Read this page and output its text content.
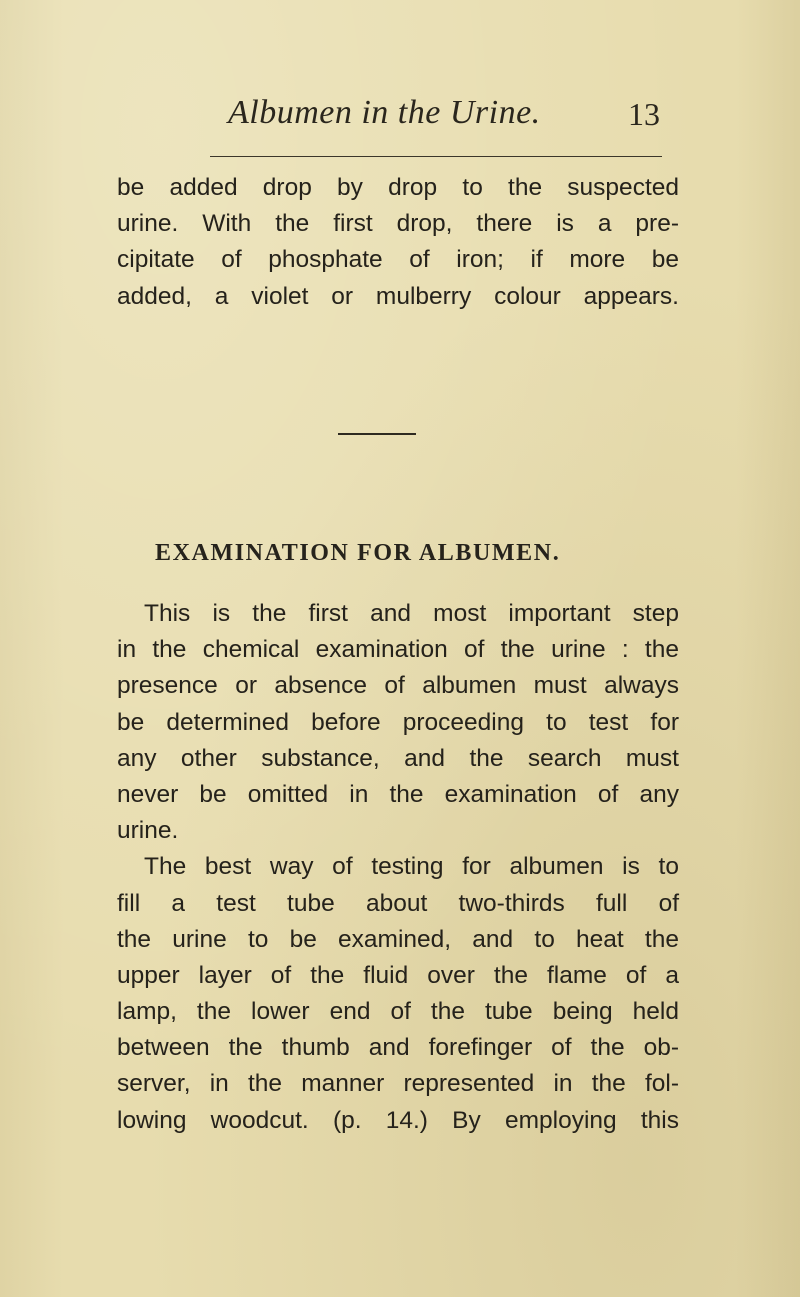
Albumen in the Urine.	13
be added drop by drop to the suspected
urine. With the first drop, there is a pre-
cipitate of phosphate of iron; if more be
added, a violet or mulberry colour appears.
EXAMINATION FOR ALBUMEN.
This is the first and most important step
in the chemical examination of the urine : the
presence or absence of albumen must always
be determined before proceeding to test for
any other substance, and the search must
never be omitted in the examination of any
urine.
The best way of testing for albumen is to
fill a test tube about two-thirds full of
the urine to be examined, and to heat the
upper layer of the fluid over the flame of a
lamp, the lower end of the tube being held
between the thumb and forefinger of the ob-
server, in the manner represented in the fol-
lowing woodcut. (p. 14.) By employing this
